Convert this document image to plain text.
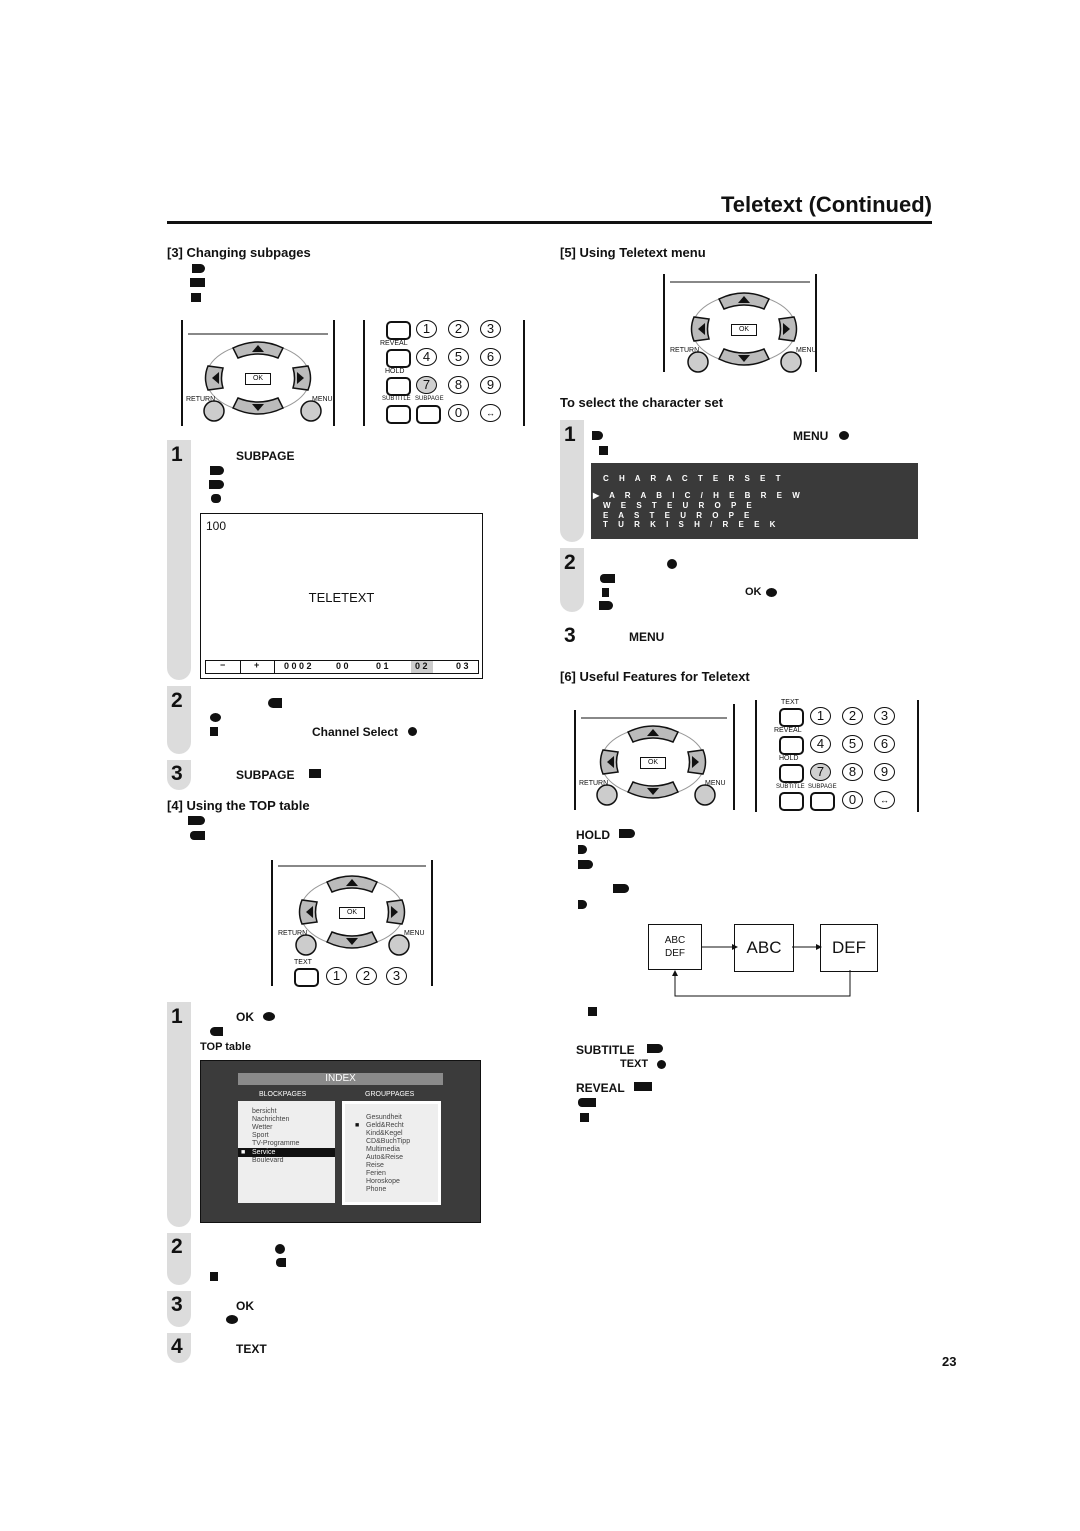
Teletext (Continued)
[3] Changing subpages
OK
RETURN	MENU
1	2	3
REVEAL
4	5	6
HOLD
7	8	9
SUBTITLE SUBPAGE
0	↔
1	SUBPAGE
100
TELETEXT
−	+	0 0 0 2	0 0	0 1	0 2	0 3
2
Channel Select
3	SUBPAGE
[4] Using the TOP table
OK
RETURN	MENU
TEXT
1	2	3
1	OK
TOP table
INDEX
BLOCKPAGES	GROUPPAGES
bersicht
Nachrichten
Wetter
Sport
TV-Programme
■ Service
Boulevard
Gesundheit
■ Geld&Recht
Kind&Kegel
CD&BuchTipp
Multimedia
Auto&Reise
Reise
Ferien
Horoskope
Phone
2
3	OK
4	TEXT
[5] Using Teletext menu
OK
RETURN	MENU
To select the character set
1	MENU
C H A R A C T E R S E T
▶ A R A B I C / H E B R E W
W E S T E U R O P E
E A S T E U R O P E
T U R K I S H / R E E K
2
OK
3	MENU
[6] Useful Features for Teletext
OK
RETURN	MENU
TEXT
1	2	3
REVEAL
4	5	6
HOLD
7	8	9
SUBTITLE SUBPAGE
0	↔
HOLD
ABC
DEF	ABC	DEF
SUBTITLE
TEXT
REVEAL
23
